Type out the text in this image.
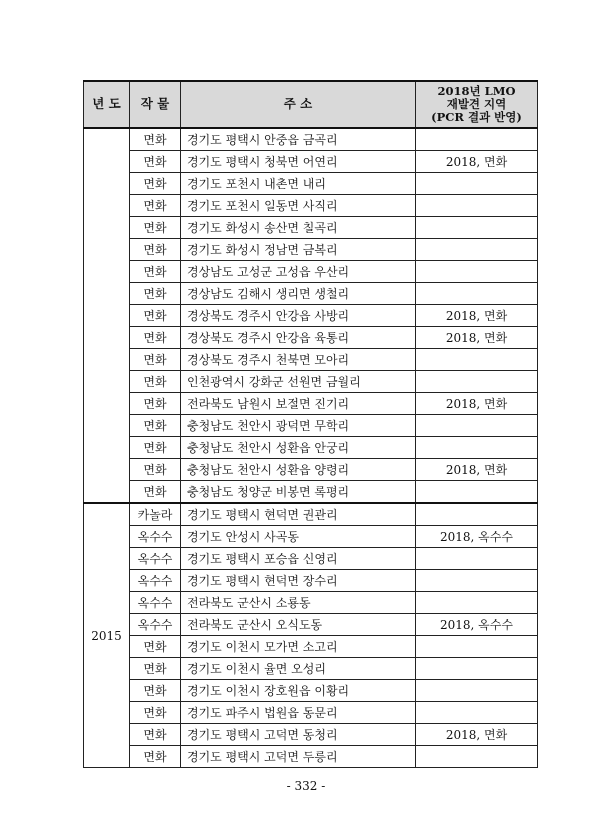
년 도	작 물	주 소	2018년 LMO
재발견 지역
(PCR 결과 반영)

	면화	경기도 평택시 안중읍 금곡리	
	면화	경기도 평택시 청북면 어연리	2018, 면화
	면화	경기도 포천시 내촌면 내리	
	면화	경기도 포천시 일동면 사직리	
	면화	경기도 화성시 송산면 칠곡리	
	면화	경기도 화성시 정남면 금복리	
	면화	경상남도 고성군 고성읍 우산리	
	면화	경상남도 김해시 생리면 생철리	
	면화	경상북도 경주시 안강읍 사방리	2018, 면화
	면화	경상북도 경주시 안강읍 육통리	2018, 면화
	면화	경상북도 경주시 천북면 모아리	
	면화	인천광역시 강화군 선원면 금월리	
	면화	전라북도 남원시 보절면 진기리	2018, 면화
	면화	충청남도 천안시 광덕면 무학리	
	면화	충청남도 천안시 성환읍 안궁리	
	면화	충청남도 천안시 성환읍 양령리	2018, 면화
	면화	충청남도 청양군 비봉면 록평리	
2015	카놀라	경기도 평택시 현덕면 권관리	
	옥수수	경기도 안성시 사곡동	2018, 옥수수
	옥수수	경기도 평택시 포승읍 신영리	
	옥수수	경기도 평택시 현덕면 장수리	
	옥수수	전라북도 군산시 소룡동	
	옥수수	전라북도 군산시 오식도동	2018, 옥수수
	면화	경기도 이천시 모가면 소고리	
	면화	경기도 이천시 율면 오성리	
	면화	경기도 이천시 장호원읍 이황리	
	면화	경기도 파주시 법원읍 동문리	
	면화	경기도 평택시 고덕면 동청리	2018, 면화
	면화	경기도 평택시 고덕면 두릉리	
- 332 -
